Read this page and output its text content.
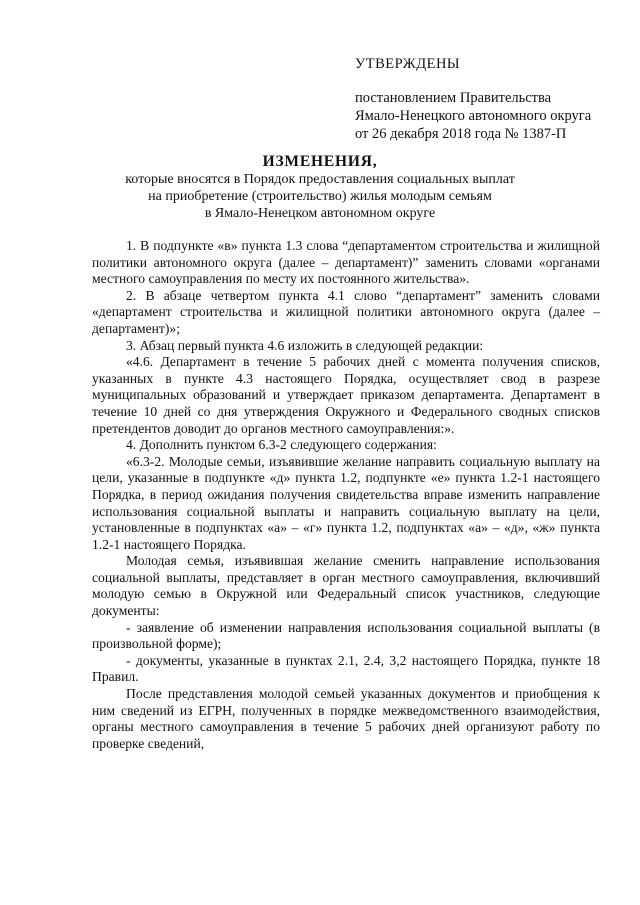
УТВЕРЖДЕНЫ
постановлением Правительства
Ямало-Ненецкого автономного округа
от 26 декабря 2018 года № 1387-П
ИЗМЕНЕНИЯ,
которые вносятся в Порядок предоставления социальных выплат
на приобретение (строительство) жилья молодым семьям
в Ямало-Ненецком автономном округе

1. В подпункте «в» пункта 1.3 слова “департаментом строительства и жилищной политики автономного округа (далее – департамент)” заменить словами «органами местного самоуправления по месту их постоянного жительства».

2. В абзаце четвертом пункта 4.1 слово “департамент” заменить словами «департамент строительства и жилищной политики автономного округа (далее – департамент)»;

3. Абзац первый пункта 4.6 изложить в следующей редакции:

«4.6. Департамент в течение 5 рабочих дней с момента получения списков, указанных в пункте 4.3 настоящего Порядка, осуществляет свод в разрезе муниципальных образований и утверждает приказом департамента. Департамент в течение 10 дней со дня утверждения Окружного и Федерального сводных списков претендентов доводит до органов местного самоуправления:».

4. Дополнить пунктом 6.3-2 следующего содержания:

«6.3-2. Молодые семьи, изъявившие желание направить социальную выплату на цели, указанные в подпункте «д» пункта 1.2, подпункте «е» пункта 1.2-1 настоящего Порядка, в период ожидания получения свидетельства вправе изменить направление использования социальной выплаты и направить социальную выплату на цели, установленные в подпунктах «а» – «г» пункта 1.2, подпунктах «а» – «д», «ж» пункта 1.2-1 настоящего Порядка.

Молодая семья, изъявившая желание сменить направление использования социальной выплаты, представляет в орган местного самоуправления, включивший молодую семью в Окружной или Федеральный список участников, следующие документы:

- заявление об изменении направления использования социальной выплаты (в произвольной форме);

- документы, указанные в пунктах 2.1, 2.4, 3,2 настоящего Порядка, пункте 18 Правил.

После представления молодой семьей указанных документов и приобщения к ним сведений из ЕГРН, полученных в порядке межведомственного взаимодействия, органы местного самоуправления в течение 5 рабочих дней организуют работу по проверке сведений,
